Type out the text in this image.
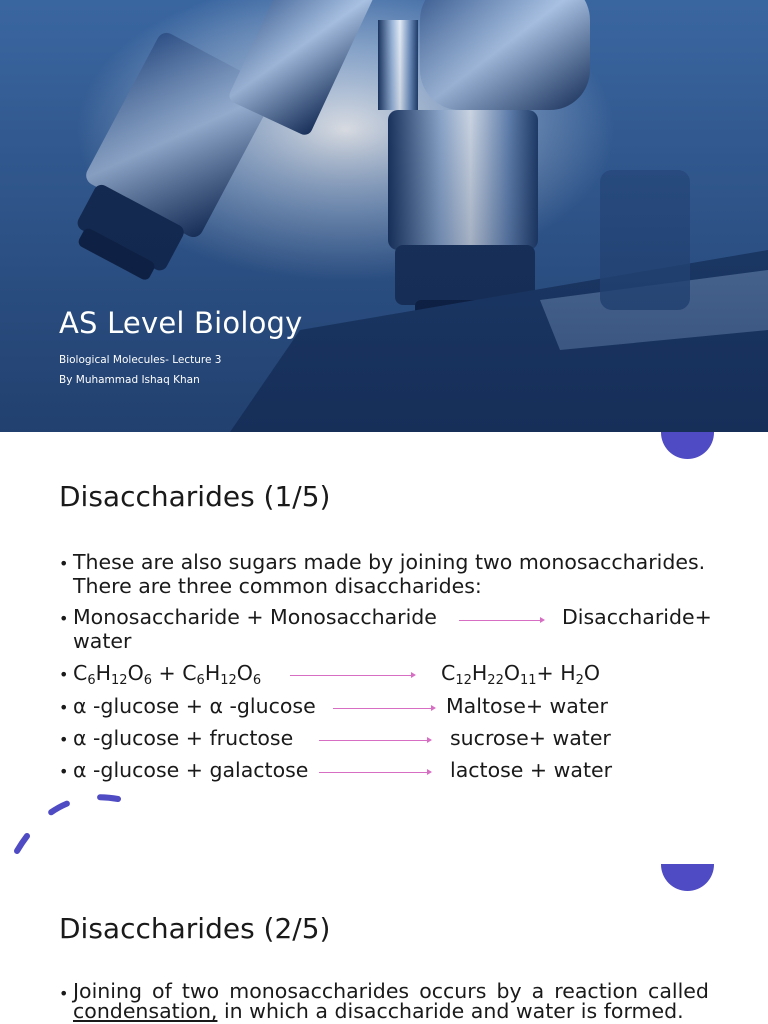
AS Level Biology
Biological Molecules- Lecture 3
By Muhammad Ishaq Khan
Disaccharides (1/5)
• These are also sugars made by joining two monosaccharides.
There are three common disaccharides:
• Monosaccharide + Monosaccharide	Disaccharide+
water
• $C_6H_{12}O_6 + C_6H_{12}O_6$	$C_{12}H_{22}O_{11}+ H_2O$
• α -glucose + α -glucose	Maltose+ water
• α -glucose + fructose	sucrose+ water
• α -glucose + galactose	lactose + water
Disaccharides (2/5)
• Joining of two monosaccharides occurs by a reaction called
condensation, in which a disaccharide and water is formed.
